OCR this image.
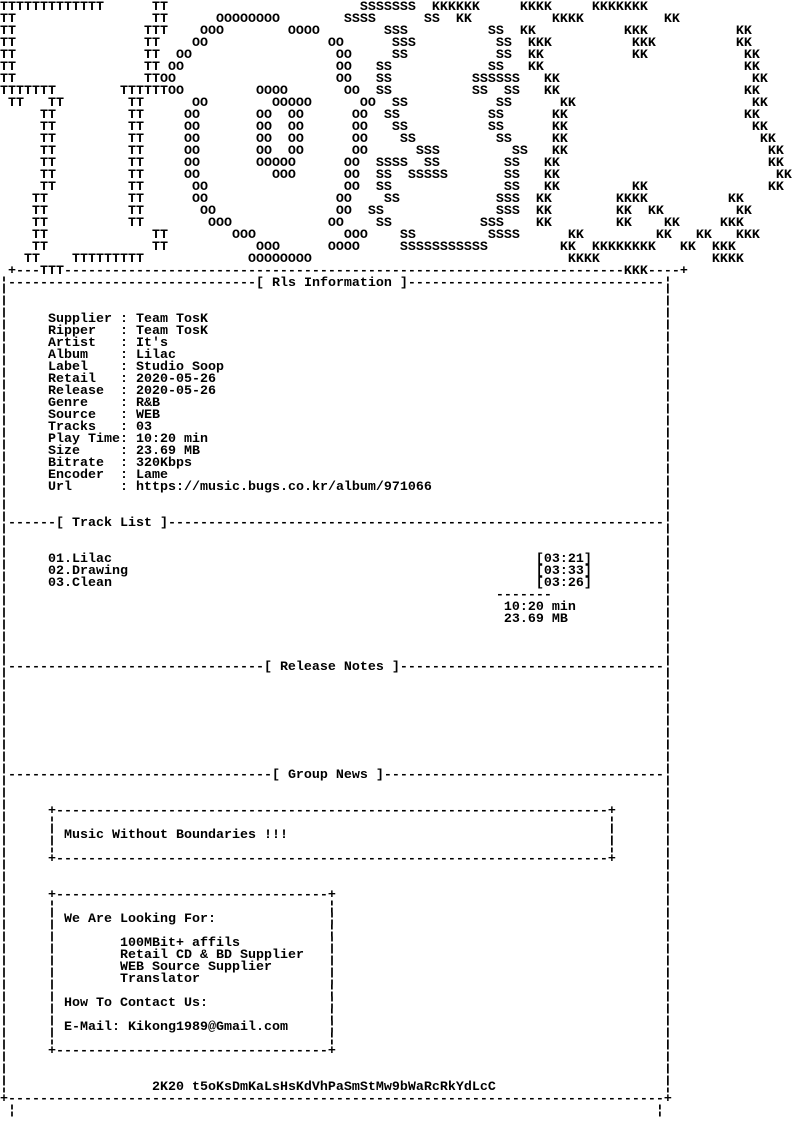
TTTTTTTTTTTTT      TT                        SSSSSSS  KKKKKK     KKKK     KKKKKKK
TT                 TT      OOOOOOOO        SSSS      SS  KK          KKKK          KK
TT                TTT    OOO        OOOO        SSS          SS  KK           KKK           KK
TT                TT    OO               OO      SSS          SS  KKK          KKK          KK
TT                TT  OO                  OO     SS           SS  KK           KK            KK
TT                TT OO                   OO   SS            SS   KK                         KK
TT                TTOO                    OO   SS          SSSSSS   KK                        KK
TTTTTTT        TTTTTTOO         OOOO       OO  SS          SS  SS   KK                       KK
TT   TT        TT      OO        OOOOO      OO  SS           SS      KK                      KK
TT         TT     OO       OO  OO      OO  SS           SS      KK                      KK
TT         TT     OO       OO  OO      OO   SS          SS      KK                       KK
TT         TT     OO       OO  OO      OO    SS          SS     KK                        KK
TT         TT     OO       OO  OO      OO      SSS         SS   KK                         KK
TT         TT     OO       OOOOO      OO  SSSS  SS        SS   KK                          KK
TT         TT     OO         OOO      OO  SS  SSSSS       SS   KK                           KK
TT         TT      OO                 OO  SS              SS   KK         KK               KK
TT          TT      OO                OO    SS            SSS  KK        KKKK          KK
TT          TT       OO               OO  SS              SSS  KK        KK  KK         KK
TT          TT        OOO            OO    SS           SSS    KK        KK    KK     KKK
TT             TT        OOO           OOO    SS         SSSS      KK         KK   KK   KKK
TT             TT           OOO      OOOO     SSSSSSSSSSS         KK  KKKKKKKK   KK  KKK
TT    TTTTTTTTT             OOOOOOOO                                KKKK              KKKK
+---TTT----------------------------------------------------------------------KKK----+
¦-------------------------------[ Rls Information ]--------------------------------¦
¦                                                                                  ¦
¦                                                                                  ¦
¦     Supplier : Team TosK                                                         ¦
¦     Ripper   : Team TosK                                                         ¦
¦     Artist   : It's                                                              ¦
¦     Album    : Lilac                                                             ¦
¦     Label    : Studio Soop                                                       ¦
¦     Retail   : 2020-05-26                                                        ¦
¦     Release  : 2020-05-26                                                        ¦
¦     Genre    : R&B                                                               ¦
¦     Source   : WEB                                                               ¦
¦     Tracks   : 03                                                                ¦
¦     Play Time: 10:20 min                                                         ¦
¦     Size     : 23.69 MB                                                          ¦
¦     Bitrate  : 320Kbps                                                           ¦
¦     Encoder  : Lame                                                              ¦
¦     Url      : https://music.bugs.co.kr/album/971066                             ¦
¦                                                                                  ¦
¦                                                                                  ¦
¦------[ Track List ]--------------------------------------------------------------¦
¦                                                                                  ¦
¦                                                                                  ¦
¦     01.Lilac	[03:21]         ¦
¦     02.Drawing	[03:33]         ¦
¦     03.Clean	[03:26]         ¦
¦                                                             -------              ¦
¦                                                              10:20 min           ¦
¦                                                              23.69 MB            ¦
¦                                                                                  ¦
¦                                                                                  ¦
¦                                                                                  ¦
¦--------------------------------[ Release Notes ]---------------------------------¦
¦                                                                                  ¦
¦                                                                                  ¦
¦                                                                                  ¦
¦                                                                                  ¦
¦                                                                                  ¦
¦                                                                                  ¦
¦                                                                                  ¦
¦                                                                                  ¦
¦---------------------------------[ Group News ]-----------------------------------¦
¦                                                                                  ¦
¦                                                                                  ¦
¦     +---------------------------------------------------------------------+      ¦
¦     ¦                                                                     ¦      ¦
¦     ¦ Music Without Boundaries !!!                                        ¦      ¦
¦     ¦                                                                     ¦      ¦
¦     +---------------------------------------------------------------------+      ¦
¦                                                                                  ¦
¦                                                                                  ¦
¦     +----------------------------------+                                         ¦
¦     ¦                                  ¦                                         ¦
¦     ¦ We Are Looking For:              ¦                                         ¦
¦     ¦                                  ¦                                         ¦
¦     ¦        100MBit+ affils           ¦                                         ¦
¦     ¦        Retail CD & BD Supplier   ¦                                         ¦
¦     ¦        WEB Source Supplier       ¦                                         ¦
¦     ¦        Translator                ¦                                         ¦
¦     ¦                                  ¦                                         ¦
¦     ¦ How To Contact Us:               ¦                                         ¦
¦     ¦                                  ¦                                         ¦
¦     ¦ E-Mail: Kikong1989@Gmail.com     ¦                                         ¦
¦     ¦                                  ¦                                         ¦
¦     +----------------------------------+                                         ¦
¦                                                                                  ¦
¦                                                                                  ¦
¦                  2K20 t5oKsDmKaLsHsKdVhPaSmStMw9bWaRcRkYdLcC                     ¦
+----------------------------------------------------------------------------------+
¦                                                                                ¦
